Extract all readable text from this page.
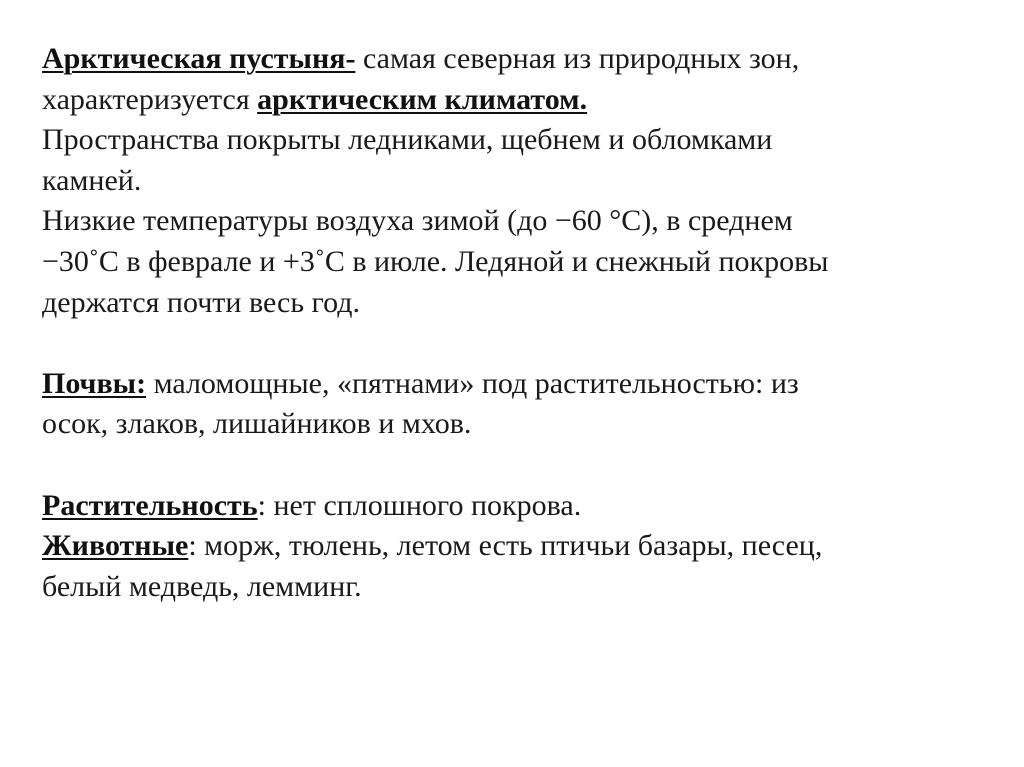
Арктическая пустыня- самая северная из природных зон,
характеризуется арктическим климатом.
Пространства покрыты ледниками, щебнем и обломками
камней.
Низкие температуры воздуха зимой (до −60 °C), в среднем
−30˚С в феврале и +3˚С в июле. Ледяной и снежный покровы
держатся почти весь год.
Почвы: маломощные, «пятнами» под растительностью: из
осок, злаков, лишайников и мхов.
Растительность: нет сплошного покрова.
Животные: морж, тюлень, летом есть птичьи базары, песец,
белый медведь, лемминг.
